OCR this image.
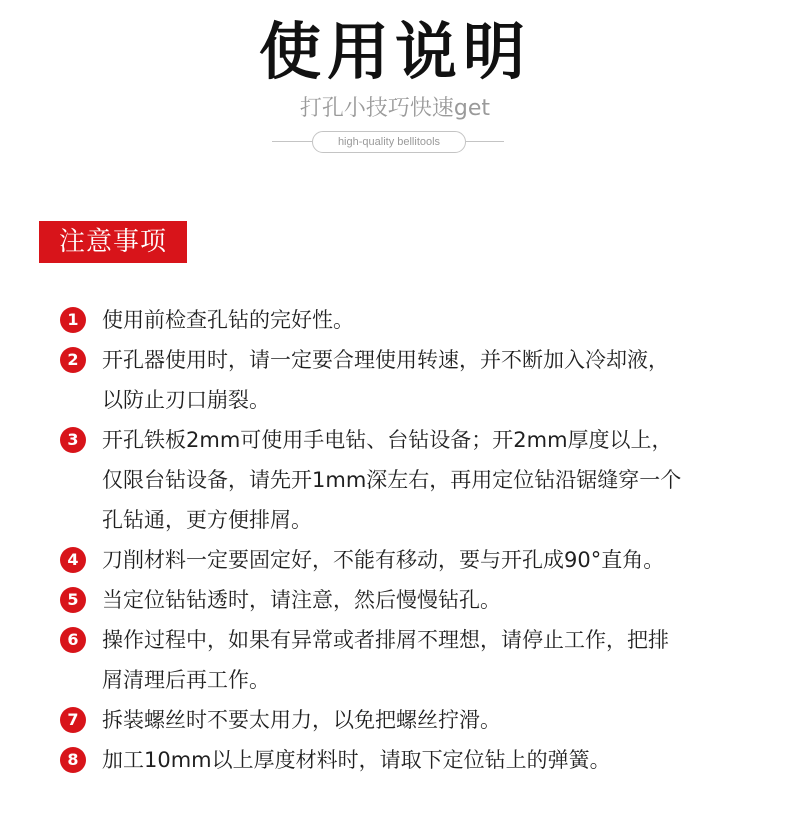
使用说明
打孔小技巧快速get
high-quality bellitools
注意事项
1	使用前检查孔钻的完好性。
2	开孔器使用时，请一定要合理使用转速，并不断加入冷却液，
以防止刃口崩裂。
3	开孔铁板2mm可使用手电钻、台钻设备；开2mm厚度以上，
仅限台钻设备，请先开1mm深左右，再用定位钻沿锯缝穿一个
孔钻通，更方便排屑。
4	刀削材料一定要固定好，不能有移动，要与开孔成90°直角。
5	当定位钻钻透时，请注意，然后慢慢钻孔。
6	操作过程中，如果有异常或者排屑不理想，请停止工作，把排
屑清理后再工作。
7	拆装螺丝时不要太用力，以免把螺丝拧滑。
8	加工10mm以上厚度材料时，请取下定位钻上的弹簧。
